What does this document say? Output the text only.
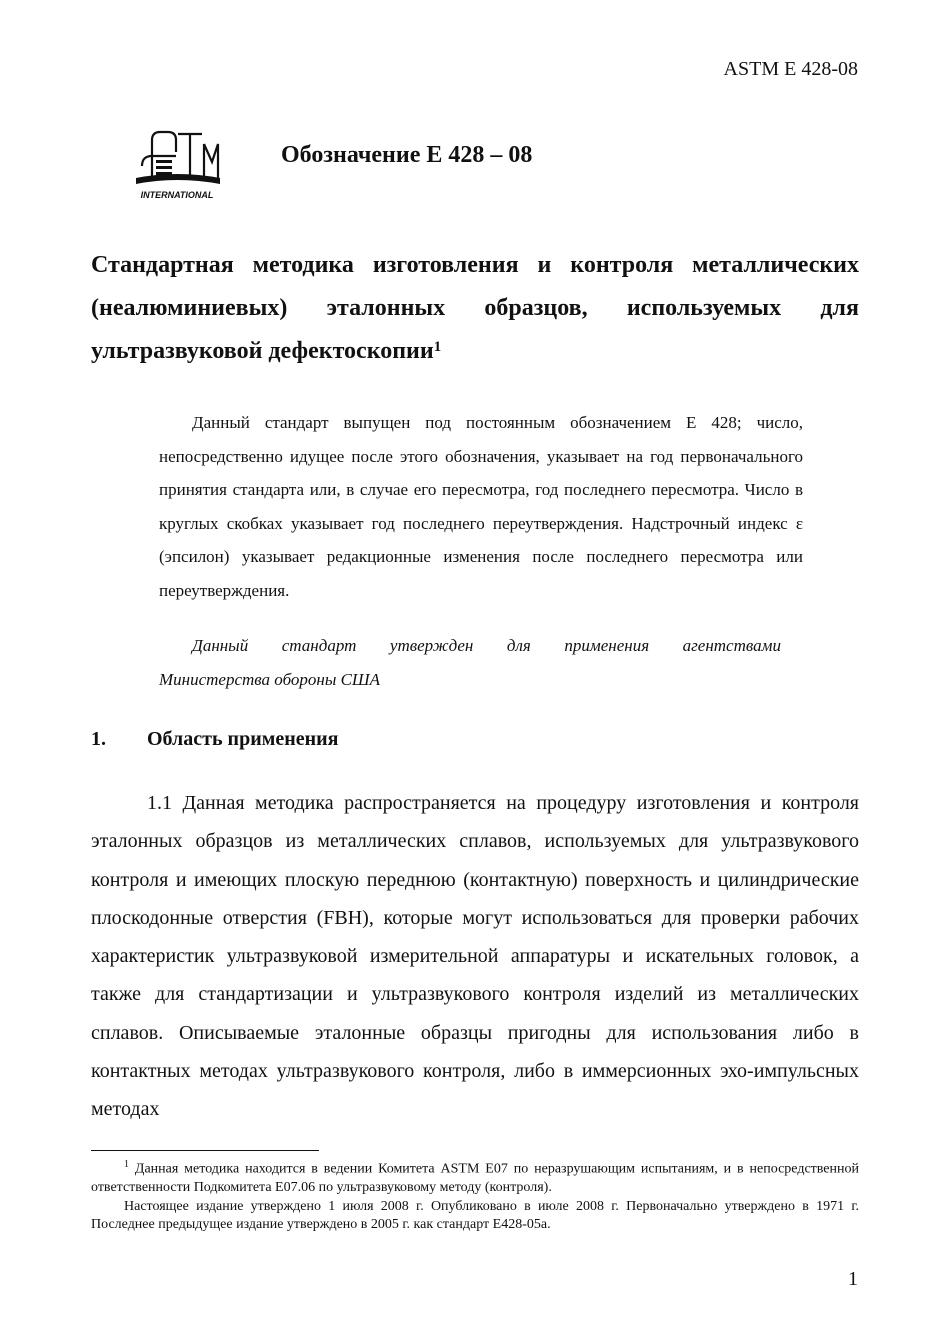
ASTM E 428-08
INTERNATIONAL
Обозначение E 428 – 08
Стандартная методика изготовления и контроля металлических (неалюминиевых) эталонных образцов, используемых для ультразвуковой дефектоскопии$^1$

Данный стандарт выпущен под постоянным обозначением E 428; число, непосредственно идущее после этого обозначения, указывает на год первоначального принятия стандарта или, в случае его пересмотра, год последнего пересмотра. Число в круглых скобках указывает год последнего переутверждения. Надстрочный индекс ε (эпсилон) указывает редакционные изменения после последнего пересмотра или переутверждения.

Данный стандарт утвержден для применения агентствами
Министерства обороны США

1. Область применения

1.1 Данная методика распространяется на процедуру изготовления и контроля эталонных образцов из металлических сплавов, используемых для ультразвукового контроля и имеющих плоскую переднюю (контактную) поверхность и цилиндрические плоскодонные отверстия (FBH), которые могут использоваться для проверки рабочих характеристик ультразвуковой измерительной аппаратуры и искательных головок, а также для стандартизации и ультразвукового контроля изделий из металлических сплавов. Описываемые эталонные образцы пригодны для использования либо в контактных методах ультразвукового контроля, либо в иммерсионных эхо-импульсных методах

$^1$ Данная методика находится в ведении Комитета ASTM E07 по неразрушающим испытаниям, и в непосредственной ответственности Подкомитета E07.06 по ультразвуковому методу (контроля).

Настоящее издание утверждено 1 июля 2008 г. Опубликовано в июле 2008 г. Первоначально утверждено в 1971 г. Последнее предыдущее издание утверждено в 2005 г. как стандарт E428-05a.

1
